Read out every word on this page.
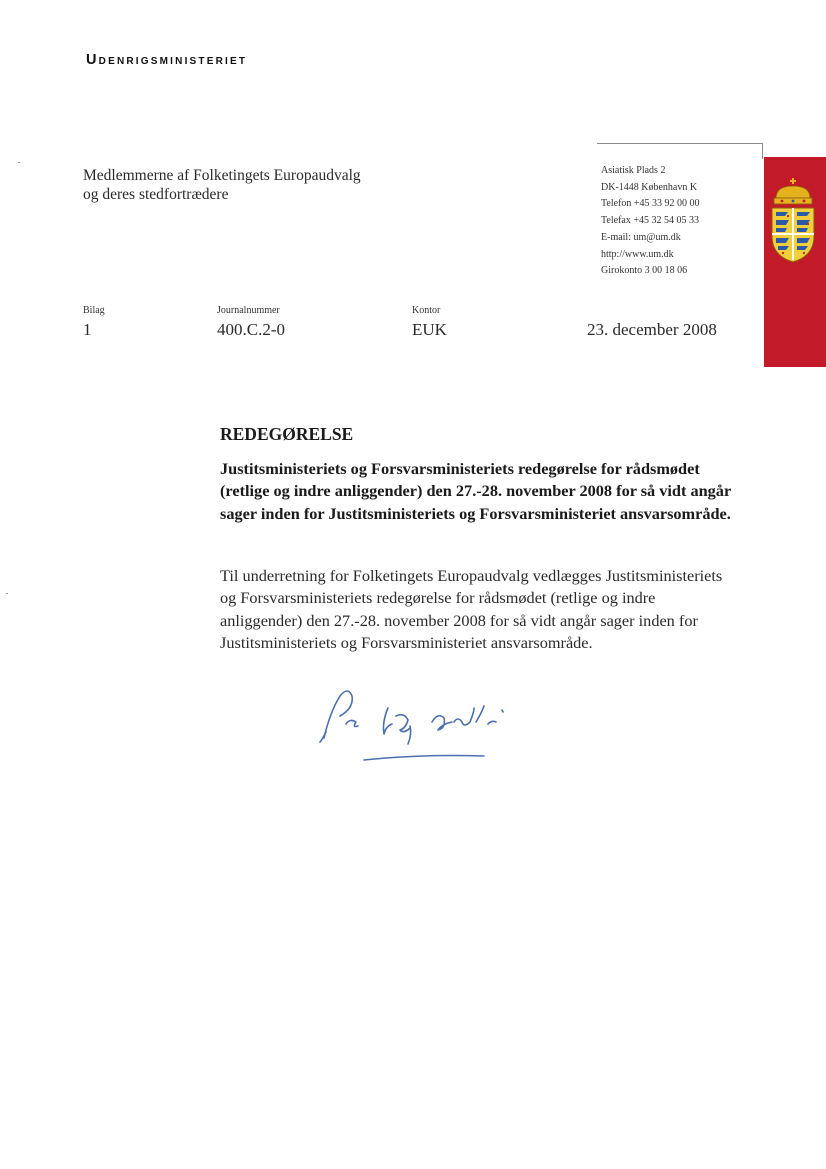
Udenrigsministeriet
Medlemmerne af Folketingets Europaudvalg
og deres stedfortrædere
Asiatisk Plads 2
DK-1448 København K
Telefon +45 33 92 00 00
Telefax +45 32 54 05 33
E-mail: um@um.dk
http://www.um.dk
Girokonto 3 00 18 06
Bilag
1
Journalnummer
400.C.2-0
Kontor
EUK	23. december 2008
REDEGØRELSE

Justitsministeriets og Forsvarsministeriets redegørelse for rådsmødet (retlige og indre anliggender) den 27.-28. november 2008 for så vidt angår sager inden for Justitsministeriets og Forsvarsministeriet ansvarsområde.

Til underretning for Folketingets Europaudvalg vedlægges Justitsministeriets og Forsvarsministeriets redegørelse for rådsmødet (retlige og indre anliggender) den 27.-28. november 2008 for så vidt angår sager inden for Justitsministeriets og Forsvarsministeriet ansvarsområde.
